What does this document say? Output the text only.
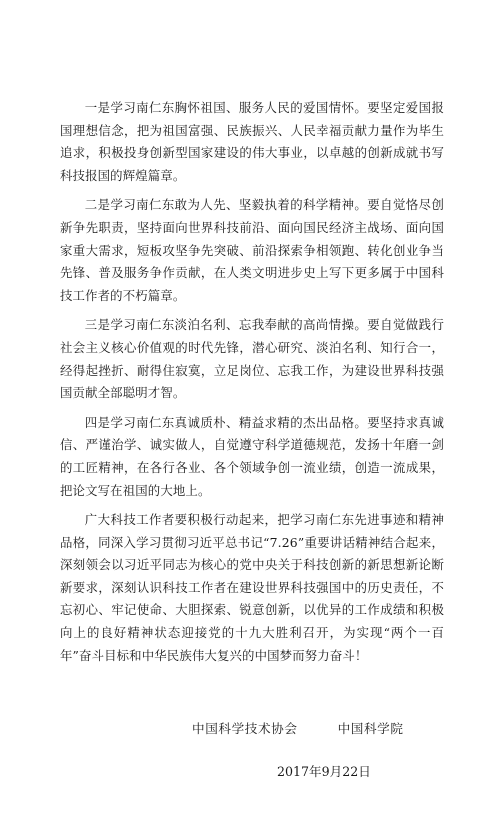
一是学习南仁东胸怀祖国、服务人民的爱国情怀。要坚定爱国报国理想信念，把为祖国富强、民族振兴、人民幸福贡献力量作为毕生追求，积极投身创新型国家建设的伟大事业，以卓越的创新成就书写科技报国的辉煌篇章。

二是学习南仁东敢为人先、坚毅执着的科学精神。要自觉恪尽创新争先职责，坚持面向世界科技前沿、面向国民经济主战场、面向国家重大需求，短板攻坚争先突破、前沿探索争相领跑、转化创业争当先锋、普及服务争作贡献，在人类文明进步史上写下更多属于中国科技工作者的不朽篇章。

三是学习南仁东淡泊名利、忘我奉献的高尚情操。要自觉做践行社会主义核心价值观的时代先锋，潜心研究、淡泊名利、知行合一，经得起挫折、耐得住寂寞，立足岗位、忘我工作，为建设世界科技强国贡献全部聪明才智。

四是学习南仁东真诚质朴、精益求精的杰出品格。要坚持求真诚信、严谨治学、诚实做人，自觉遵守科学道德规范，发扬十年磨一剑的工匠精神，在各行各业、各个领域争创一流业绩，创造一流成果，把论文写在祖国的大地上。

广大科技工作者要积极行动起来，把学习南仁东先进事迹和精神品格，同深入学习贯彻习近平总书记“7.26”重要讲话精神结合起来，深刻领会以习近平同志为核心的党中央关于科技创新的新思想新论断新要求，深刻认识科技工作者在建设世界科技强国中的历史责任，不忘初心、牢记使命、大胆探索、锐意创新，以优异的工作成绩和积极向上的良好精神状态迎接党的十九大胜利召开，为实现“两个一百年”奋斗目标和中华民族伟大复兴的中国梦而努力奋斗！

中国科学技术协会	中国科学院
2017年9月22日
